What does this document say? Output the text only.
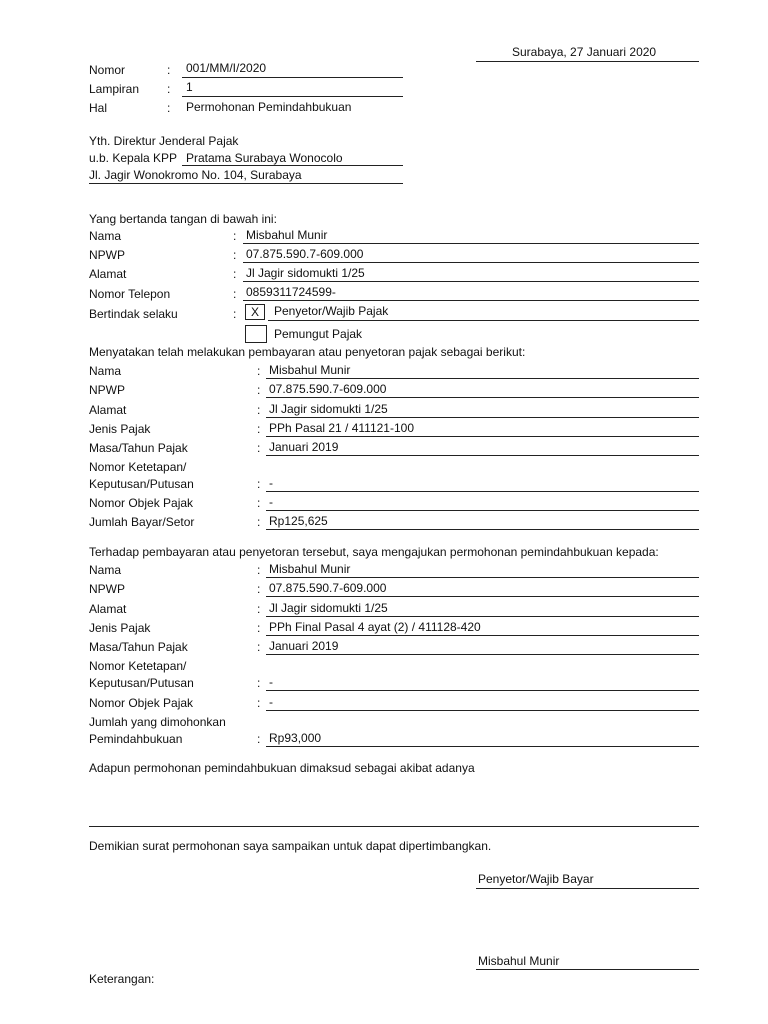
Surabaya, 27 Januari 2020
Nomor	: 001/MM/I/2020
Lampiran : 1
Hal	: Permohonan Pemindahbukuan
Yth. Direktur Jenderal Pajak
u.b. Kepala KPP Pratama Surabaya Wonocolo
Jl. Jagir Wonokromo No. 104, Surabaya
Yang bertanda tangan di bawah ini:
Nama	: Misbahul Munir
NPWP	: 07.875.590.7-609.000
Alamat	: Jl Jagir sidomukti 1/25
Nomor Telepon	: 0859311724599-
Bertindak selaku	:	X	Penyetor/Wajib Pajak
Pemungut Pajak
Menyatakan telah melakukan pembayaran atau penyetoran pajak sebagai berikut:
Nama	: Misbahul Munir
NPWP	: 07.875.590.7-609.000
Alamat	: Jl Jagir sidomukti 1/25
Jenis Pajak	: PPh Pasal 21 / 411121-100
Masa/Tahun Pajak	: Januari 2019
Nomor Ketetapan/
Keputusan/Putusan	: -
Nomor Objek Pajak	: -
Jumlah Bayar/Setor	: Rp125,625
Terhadap pembayaran atau penyetoran tersebut, saya mengajukan permohonan pemindahbukuan kepada:
Nama	: Misbahul Munir
NPWP	: 07.875.590.7-609.000
Alamat	: Jl Jagir sidomukti 1/25
Jenis Pajak	: PPh Final Pasal 4 ayat (2) / 411128-420
Masa/Tahun Pajak	: Januari 2019
Nomor Ketetapan/
Keputusan/Putusan	: -
Nomor Objek Pajak	: -
Jumlah yang dimohonkan
Pemindahbukuan	: Rp93,000
Adapun permohonan pemindahbukuan dimaksud sebagai akibat adanya
Demikian surat permohonan saya sampaikan untuk dapat dipertimbangkan.
Penyetor/Wajib Bayar
Misbahul Munir
Keterangan:
